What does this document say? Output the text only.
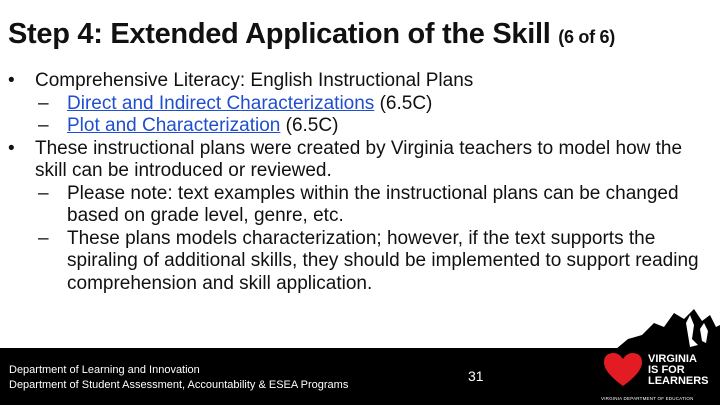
Step 4: Extended Application of the Skill (6 of 6)
• Comprehensive Literacy: English Instructional Plans
– Direct and Indirect Characterizations (6.5C)
– Plot and Characterization (6.5C)
• These instructional plans were created by Virginia teachers to model how the skill can be introduced or reviewed.
– Please note: text examples within the instructional plans can be changed based on grade level, genre, etc.
– These plans models characterization; however, if the text supports the spiraling of additional skills, they should be implemented to support reading comprehension and skill application.
Department of Learning and Innovation
Department of Student Assessment, Accountability & ESEA Programs
31
VIRGINIA
IS FOR
LEARNERS
VIRGINIA DEPARTMENT OF EDUCATION
